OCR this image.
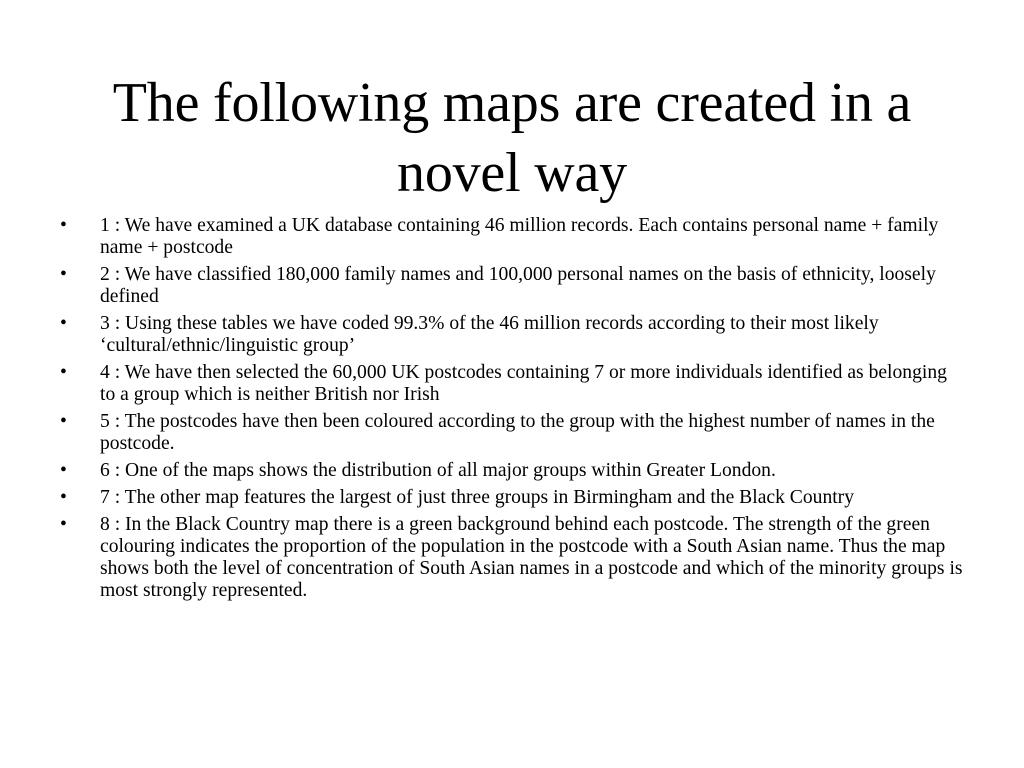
The following maps are created in a novel way
• 1 : We have examined a UK database containing 46 million records. Each contains personal name + family name + postcode
• 2 : We have classified 180,000 family names and 100,000 personal names on the basis of ethnicity, loosely defined
• 3 : Using these tables we have coded 99.3% of the 46 million records according to their most likely ‘cultural/ethnic/linguistic group’
• 4 : We have then selected the 60,000 UK postcodes containing 7 or more individuals identified as belonging to a group which is neither British nor Irish
• 5 : The postcodes have then been coloured according to the group with the highest number of names in the postcode.
• 6 : One of the maps shows the distribution of all major groups within Greater London.
• 7 : The other map features the largest of just three groups in Birmingham and the Black Country
• 8 : In the Black Country map there is a green background behind each postcode. The strength of the green colouring indicates the proportion of the population in the postcode with a South Asian name. Thus the map shows both the level of concentration of South Asian names in a postcode and which of the minority groups is most strongly represented.
